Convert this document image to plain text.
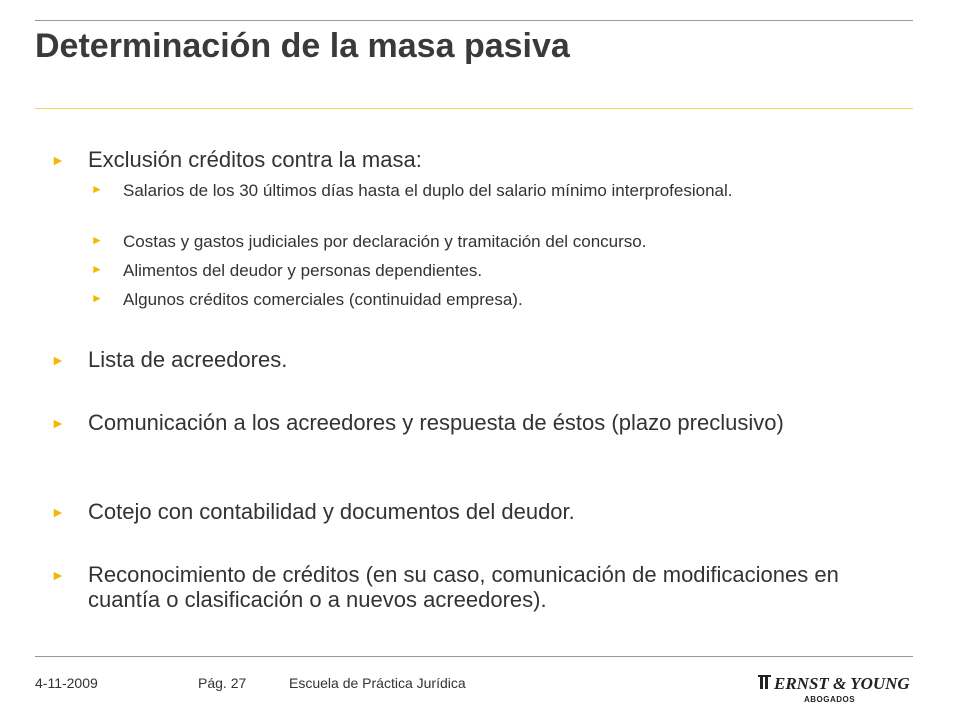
Determinación de la masa pasiva
► Exclusión créditos contra la masa:
► Salarios de los 30 últimos días hasta el duplo del salario mínimo interprofesional.
► Costas y gastos judiciales por declaración y tramitación del concurso.
► Alimentos del deudor y personas dependientes.
► Algunos créditos comerciales (continuidad empresa).
► Lista de acreedores.
► Comunicación a los acreedores y respuesta de éstos (plazo preclusivo)
► Cotejo con contabilidad y documentos del deudor.
► Reconocimiento de créditos (en su caso, comunicación de modificaciones en cuantía o clasificación o a nuevos acreedores).
4-11-2009	Pág. 27	Escuela de Práctica Jurídica	ERNST & YOUNG
ABOGADOS
